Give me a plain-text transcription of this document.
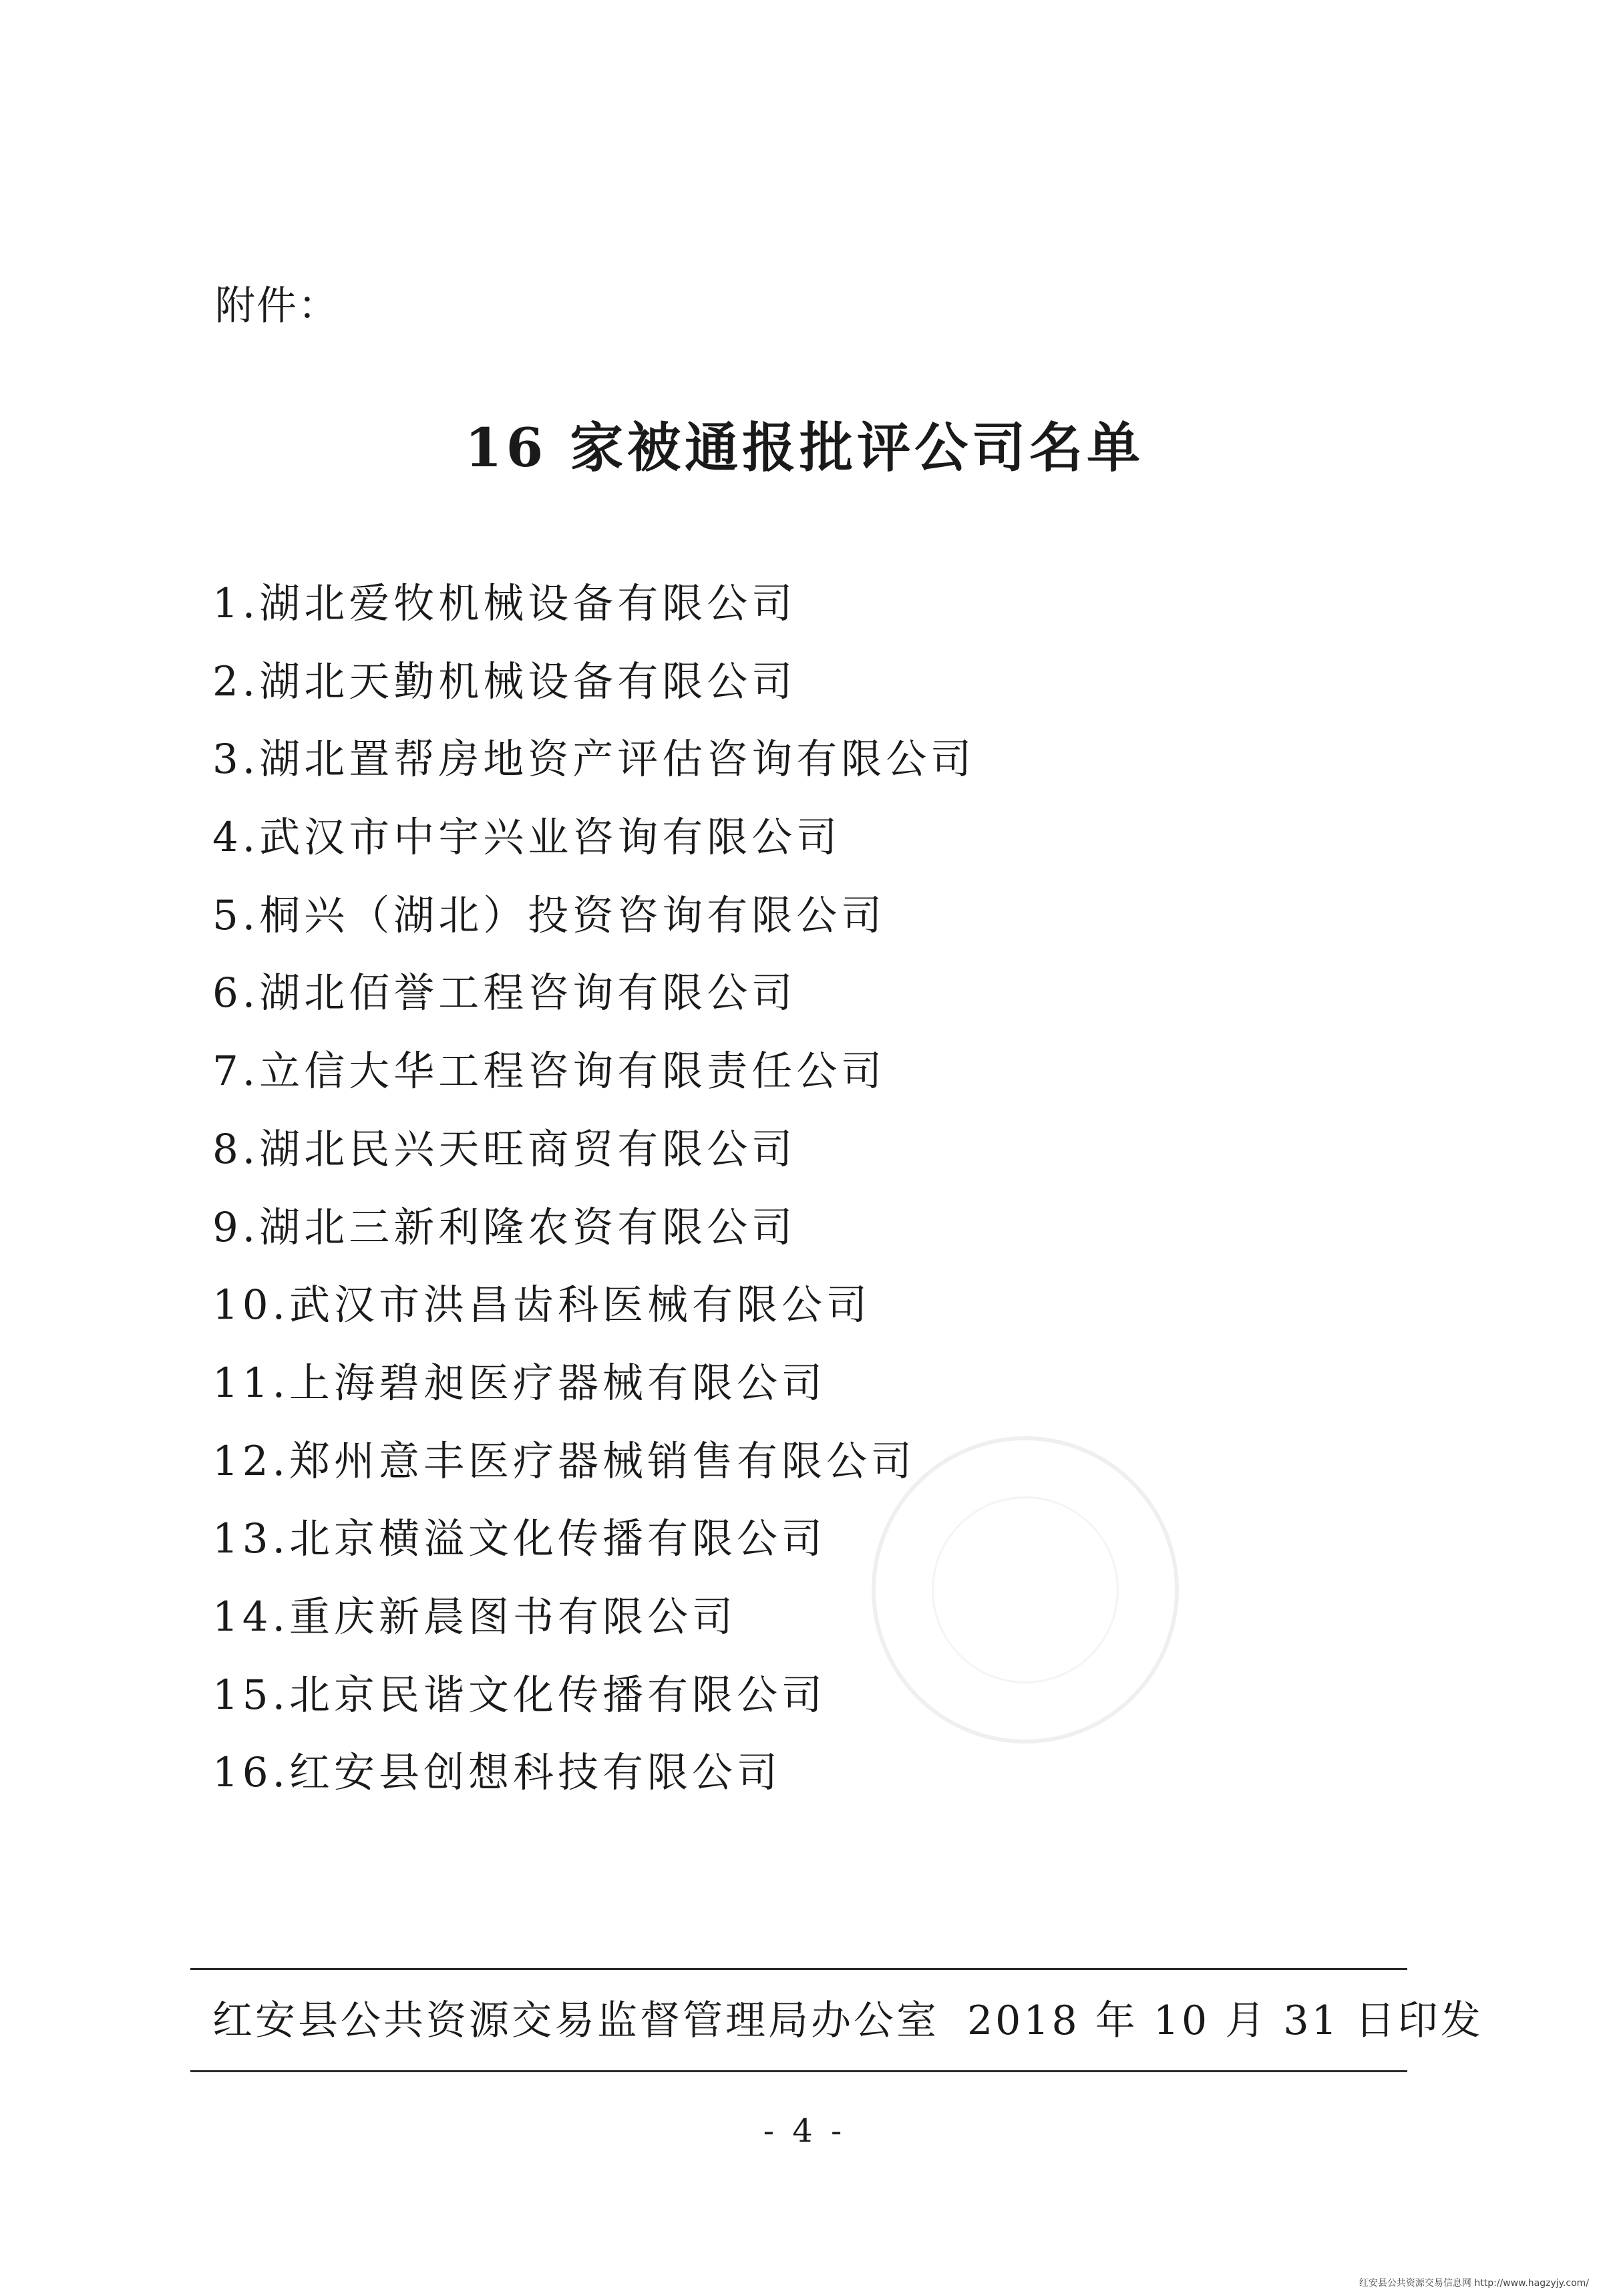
附件：
16 家被通报批评公司名单
1.湖北爱牧机械设备有限公司
2.湖北天勤机械设备有限公司
3.湖北置帮房地资产评估咨询有限公司
4.武汉市中宇兴业咨询有限公司
5.桐兴（湖北）投资咨询有限公司
6.湖北佰誉工程咨询有限公司
7.立信大华工程咨询有限责任公司
8.湖北民兴天旺商贸有限公司
9.湖北三新利隆农资有限公司
10.武汉市洪昌齿科医械有限公司
11.上海碧昶医疗器械有限公司
12.郑州意丰医疗器械销售有限公司
13.北京横溢文化传播有限公司
14.重庆新晨图书有限公司
15.北京民谐文化传播有限公司
16.红安县创想科技有限公司
红安县公共资源交易监督管理局办公室 2018 年 10 月 31 日印发
- 4 -
红安县公共资源交易信息网 http://www.hagzyjy.com/
